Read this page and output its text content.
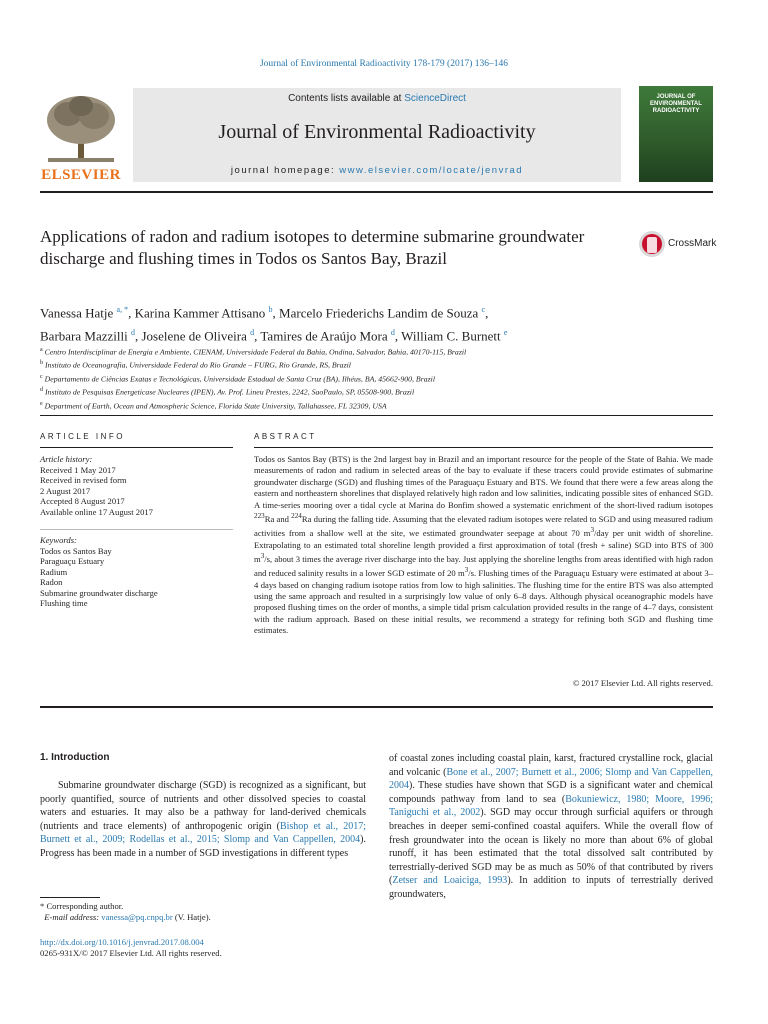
Journal of Environmental Radioactivity 178-179 (2017) 136–146
ELSEVIER
Contents lists available at ScienceDirect
Journal of Environmental Radioactivity
journal homepage: www.elsevier.com/locate/jenvrad
JOURNAL OF ENVIRONMENTAL RADIOACTIVITY
Applications of radon and radium isotopes to determine submarine groundwater discharge and flushing times in Todos os Santos Bay, Brazil
CrossMark
Vanessa Hatje $^{a, *}$, Karina Kammer Attisano $^b$, Marcelo Friederichs Landim de Souza $^c$,
Barbara Mazzilli $^d$, Joselene de Oliveira $^d$, Tamires de Araújo Mora $^d$, William C. Burnett $^e$
$^a$ Centro Interdisciplinar de Energia e Ambiente, CIENAM, Universidade Federal da Bahia, Ondina, Salvador, Bahia, 40170-115, Brazil
$^b$ Instituto de Oceanografia, Universidade Federal do Rio Grande – FURG, Rio Grande, RS, Brazil
$^c$ Departamento de Ciências Exatas e Tecnológicas, Universidade Estadual de Santa Cruz (BA), Ilhéus, BA, 45662-900, Brazil
$^d$ Instituto de Pesquisas Energeticase Nucleares (IPEN), Av. Prof. Lineu Prestes, 2242, SaoPaulo, SP, 05508-900, Brazil
$^e$ Department of Earth, Ocean and Atmospheric Science, Florida State University, Tallahassee, FL 32309, USA
ARTICLE INFO
Article history:
Received 1 May 2017
Received in revised form
2 August 2017
Accepted 8 August 2017
Available online 17 August 2017
Keywords:
Todos os Santos Bay
Paraguaçu Estuary
Radium
Radon
Submarine groundwater discharge
Flushing time
ABSTRACT
Todos os Santos Bay (BTS) is the 2nd largest bay in Brazil and an important resource for the people of the State of Bahia. We made measurements of radon and radium in selected areas of the bay to evaluate if these tracers could provide estimates of submarine groundwater discharge (SGD) and flushing times of the Paraguaçu Estuary and BTS. We found that there were a few areas along the eastern and northeastern shorelines that displayed relatively high radon and low salinities, indicating possible sites of enhanced SGD. A time-series mooring over a tidal cycle at Marina do Bonfim showed a systematic enrichment of the short-lived radium isotopes $^{223}$Ra and $^{224}$Ra during the falling tide. Assuming that the elevated radium isotopes were related to SGD and using measured radium activities from a shallow well at the site, we estimated groundwater seepage at about 70 $m^3$/day per unit width of shoreline. Extrapolating to an estimated total shoreline length provided a first approximation of total (fresh + saline) SGD into BTS of 300 $m^3/s$, about 3 times the average river discharge into the bay. Just applying the shoreline lengths from areas identified with high radon and reduced salinity results in a lower SGD estimate of 20 $m^3/s$. Flushing times of the Paraguaçu Estuary were estimated at about 3–4 days based on changing radium isotope ratios from low to high salinities. The flushing time for the entire BTS was also attempted using the same approach and resulted in a surprisingly low value of only 6–8 days. Although physical oceanographic models have proposed flushing times on the order of months, a simple tidal prism calculation provided results in the range of 4–7 days, consistent with the radium approach. Based on these initial results, we recommend a strategy for refining both SGD and flushing time estimates.
© 2017 Elsevier Ltd. All rights reserved.
1. Introduction
Submarine groundwater discharge (SGD) is recognized as a significant, but poorly quantified, source of nutrients and other dissolved species to coastal waters and estuaries. It may also be a pathway for land-derived chemicals (nutrients and trace elements) of anthropogenic origin (Bishop et al., 2017; Burnett et al., 2009; Rodellas et al., 2015; Slomp and Van Cappellen, 2004). Progress has been made in a number of SGD investigations in different types
of coastal zones including coastal plain, karst, fractured crystalline rock, glacial and volcanic (Bone et al., 2007; Burnett et al., 2006; Slomp and Van Cappellen, 2004). These studies have shown that SGD is a significant water and chemical compounds pathway from land to sea (Bokuniewicz, 1980; Moore, 1996; Taniguchi et al., 2002). SGD may occur through surficial aquifers or through breaches in deeper semi-confined coastal aquifers. While the overall flow of fresh groundwater into the ocean is likely no more than about 6% of global runoff, it has been estimated that the total dissolved salt contributed by terrestrially-derived SGD may be as much as 50% of that contributed by rivers (Zetser and Loaiciga, 1993). In addition to inputs of terrestrially derived groundwaters,
* Corresponding author.
E-mail address: vanessa@pq.cnpq.br (V. Hatje).
http://dx.doi.org/10.1016/j.jenvrad.2017.08.004
0265-931X/© 2017 Elsevier Ltd. All rights reserved.
